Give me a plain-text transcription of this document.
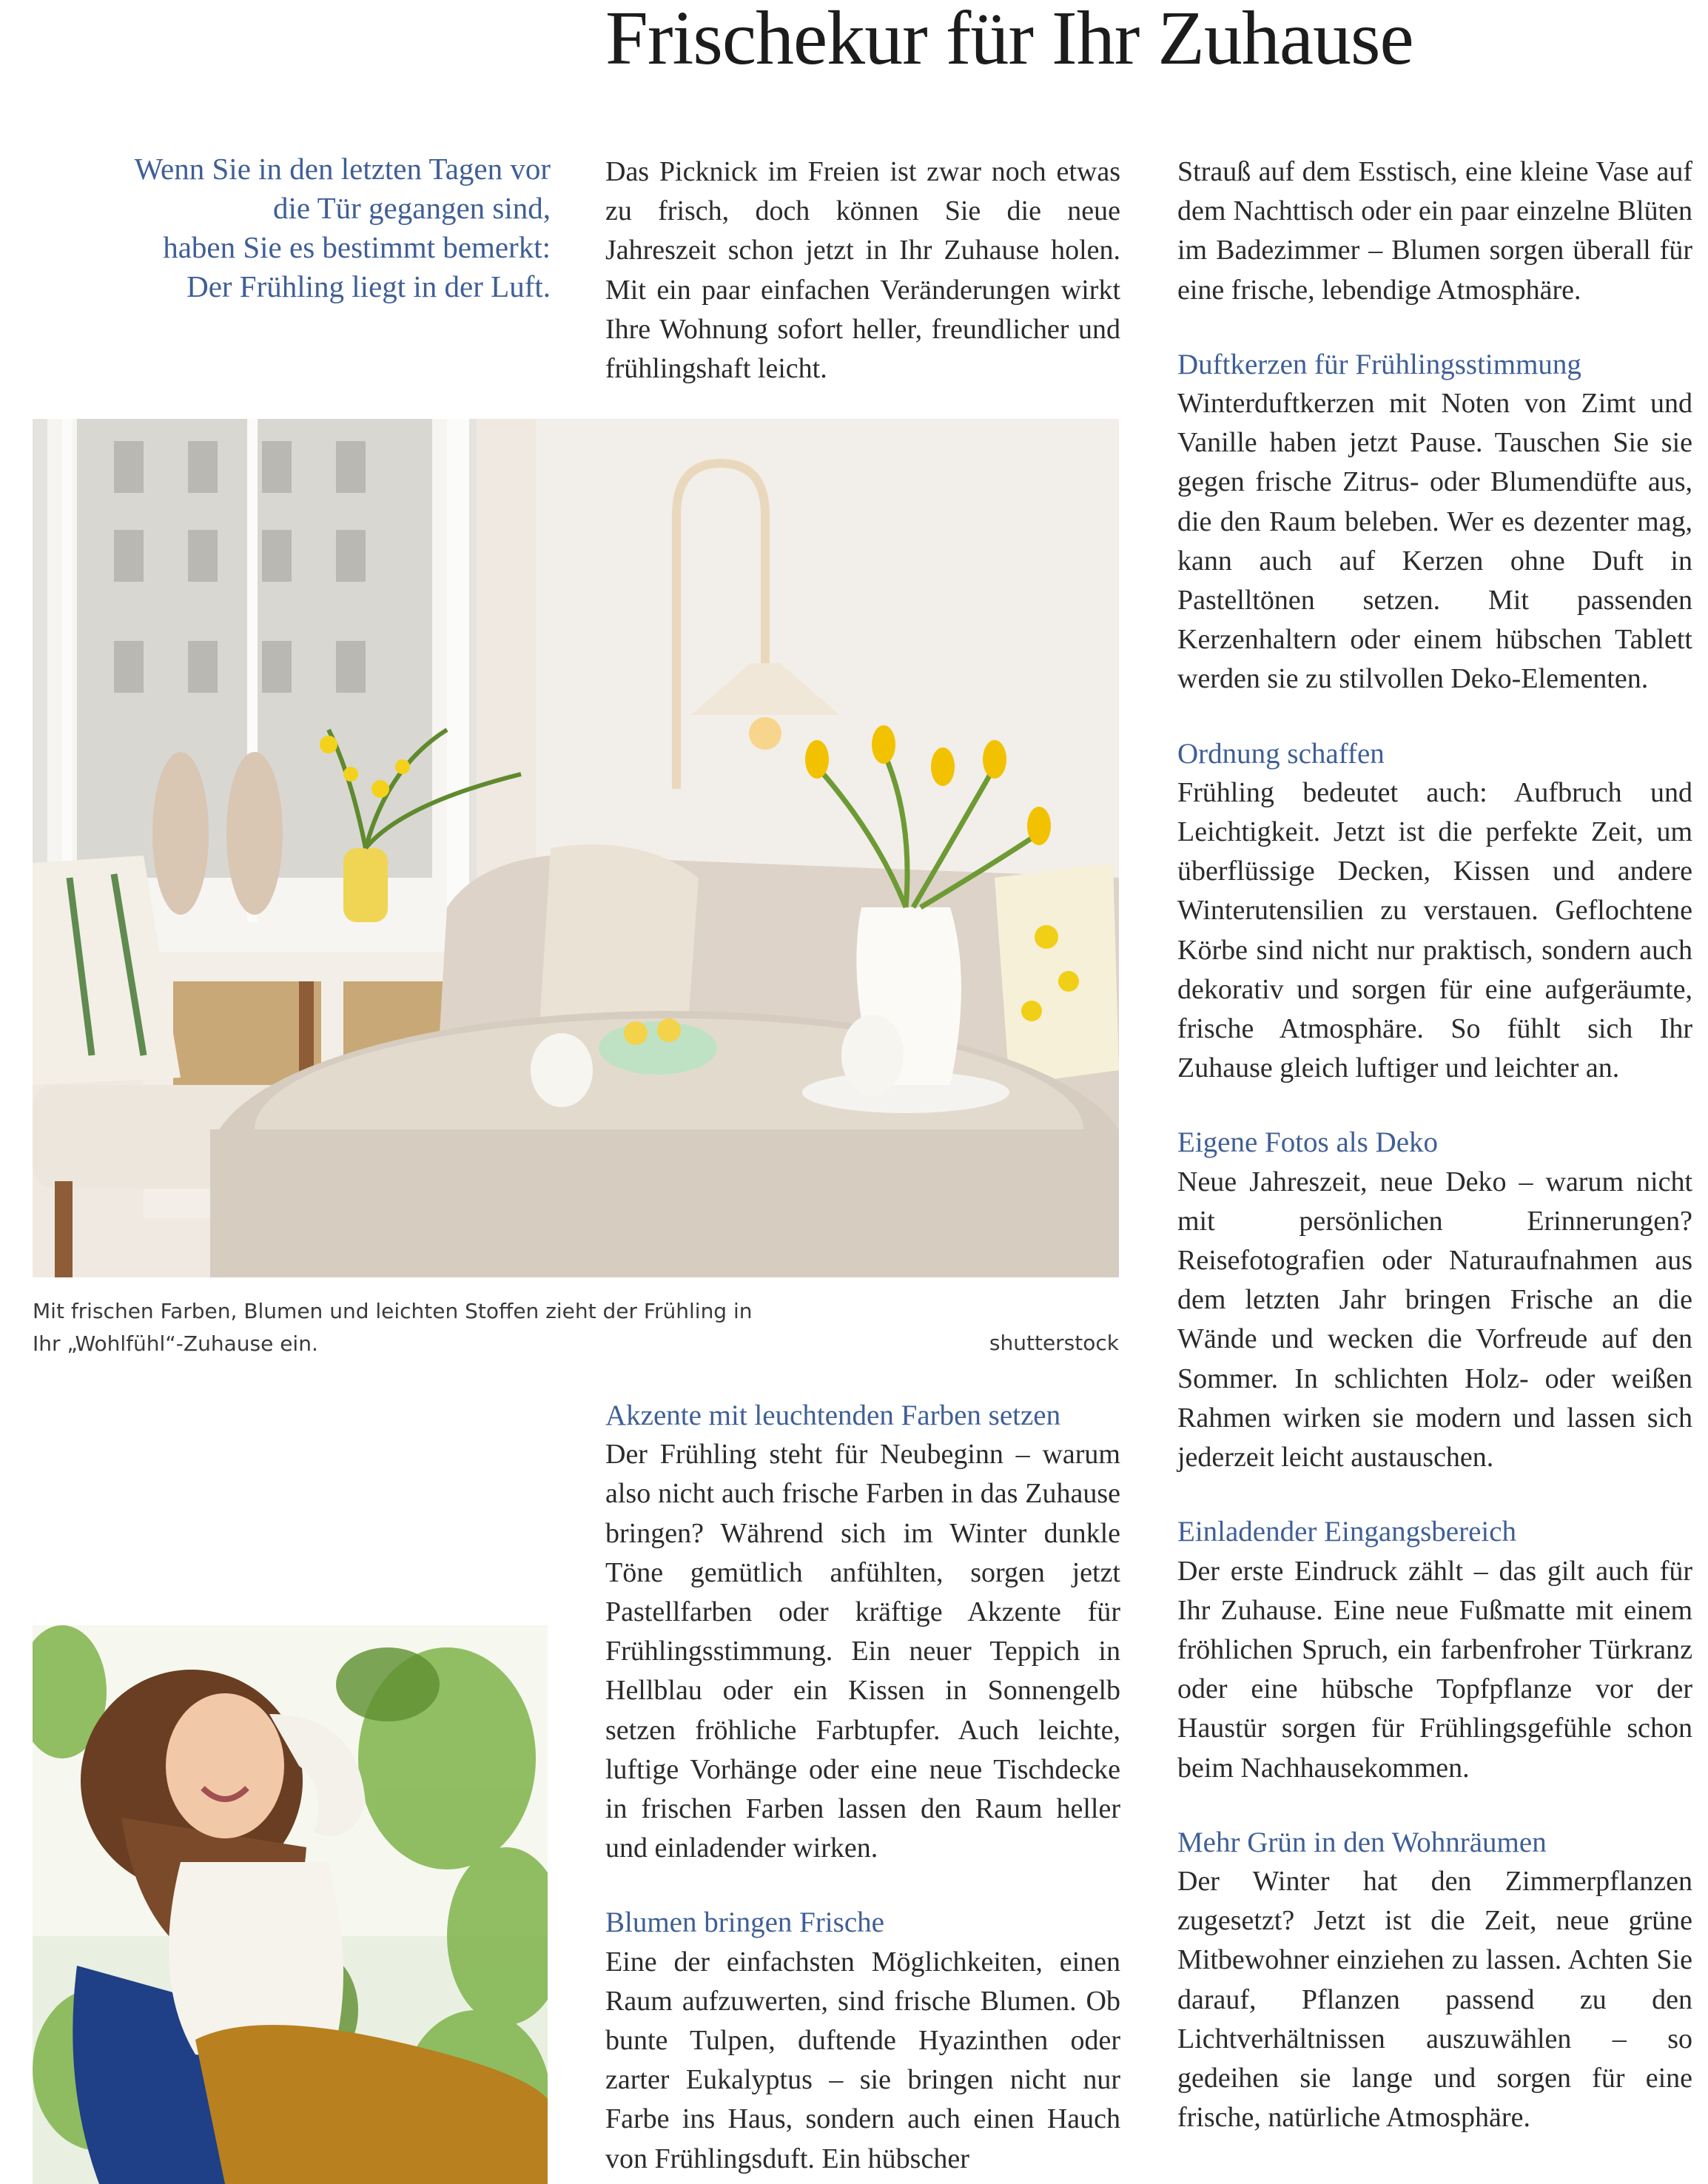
Frischekur für Ihr Zuhause
Wenn Sie in den letzten Tagen vor
die Tür gegangen sind,
haben Sie es bestimmt bemerkt:
Der Frühling liegt in der Luft.

Das Picknick im Freien ist zwar noch etwas zu frisch, doch können Sie die neue Jahreszeit schon jetzt in Ihr Zuhause holen. Mit ein paar einfachen Veränderungen wirkt Ihre Wohnung sofort heller, freundlicher und frühlingshaft leicht.

Mit frischen Farben, Blumen und leichten Stoffen zieht der Frühling in Ihr „Wohlfühl“-Zuhause ein.	shutterstock
Akzente mit leuchtenden Farben setzen

Der Frühling steht für Neubeginn – warum also nicht auch frische Farben in das Zuhause bringen? Während sich im Winter dunkle Töne gemütlich anfühlten, sorgen jetzt Pastellfarben oder kräftige Akzente für Frühlingsstimmung. Ein neuer Teppich in Hellblau oder ein Kissen in Sonnengelb setzen fröhliche Farbtupfer. Auch leichte, luftige Vorhänge oder eine neue Tischdecke in frischen Farben lassen den Raum heller und einladender wirken.

Blumen bringen Frische

Eine der einfachsten Möglichkeiten, einen Raum aufzuwerten, sind frische Blumen. Ob bunte Tulpen, duftende Hyazinthen oder zarter Eukalyptus – sie bringen nicht nur Farbe ins Haus, sondern auch einen Hauch von Frühlingsduft. Ein hübscher

Strauß auf dem Esstisch, eine kleine Vase auf dem Nachttisch oder ein paar einzelne Blüten im Badezimmer – Blumen sorgen überall für eine frische, lebendige Atmosphäre.

Duftkerzen für Frühlingsstimmung

Winterduftkerzen mit Noten von Zimt und Vanille haben jetzt Pause. Tauschen Sie sie gegen frische Zitrus- oder Blumendüfte aus, die den Raum beleben. Wer es dezenter mag, kann auch auf Kerzen ohne Duft in Pastelltönen setzen. Mit passenden Kerzenhaltern oder einem hübschen Tablett werden sie zu stilvollen Deko-Elementen.

Ordnung schaffen

Frühling bedeutet auch: Aufbruch und Leichtigkeit. Jetzt ist die perfekte Zeit, um überflüssige Decken, Kissen und andere Winterutensilien zu verstauen. Geflochtene Körbe sind nicht nur praktisch, sondern auch dekorativ und sorgen für eine aufgeräumte, frische Atmosphäre. So fühlt sich Ihr Zuhause gleich luftiger und leichter an.

Eigene Fotos als Deko

Neue Jahreszeit, neue Deko – warum nicht mit persönlichen Erinnerungen? Reisefotografien oder Naturaufnahmen aus dem letzten Jahr bringen Frische an die Wände und wecken die Vorfreude auf den Sommer. In schlichten Holz- oder weißen Rahmen wirken sie modern und lassen sich jederzeit leicht austauschen.

Einladender Eingangsbereich

Der erste Eindruck zählt – das gilt auch für Ihr Zuhause. Eine neue Fußmatte mit einem fröhlichen Spruch, ein farbenfroher Türkranz oder eine hübsche Topfpflanze vor der Haustür sorgen für Frühlingsgefühle schon beim Nachhausekommen.

Mehr Grün in den Wohnräumen

Der Winter hat den Zimmerpflanzen zugesetzt? Jetzt ist die Zeit, neue grüne Mitbewohner einziehen zu lassen. Achten Sie darauf, Pflanzen passend zu den Lichtverhältnissen auszuwählen – so gedeihen sie lange und sorgen für eine frische, natürliche Atmosphäre.
